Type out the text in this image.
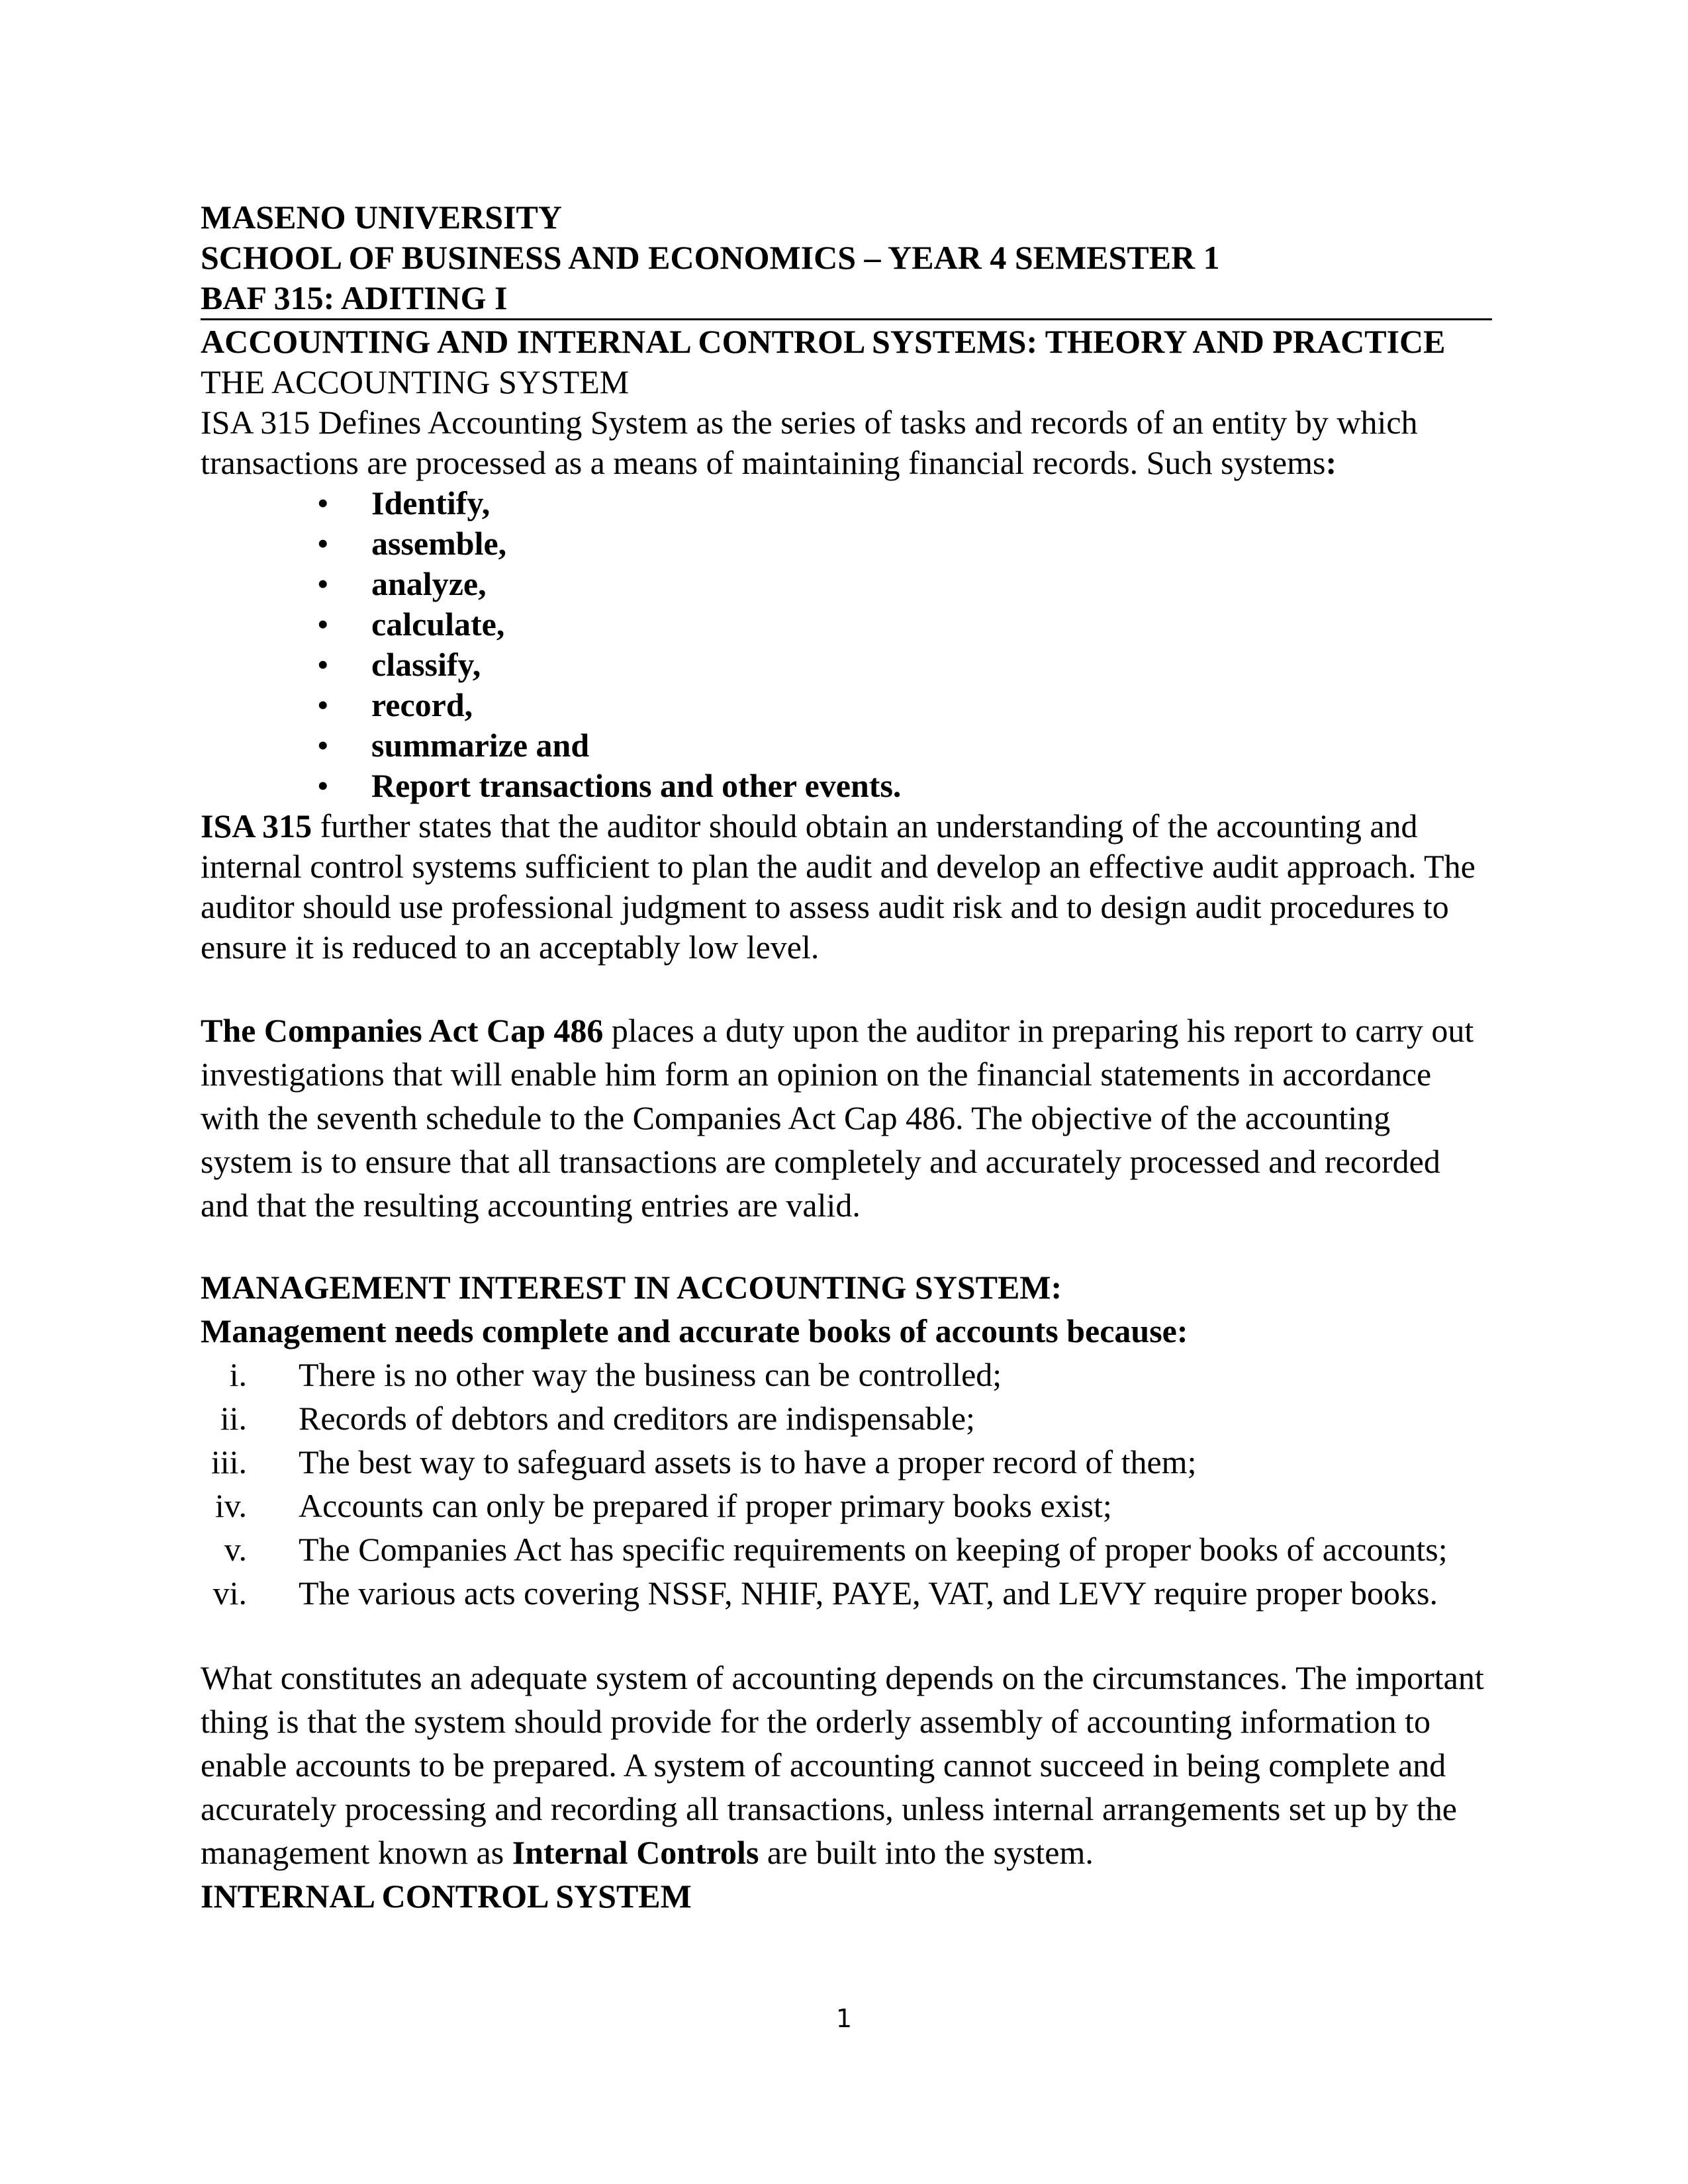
MASENO UNIVERSITY
SCHOOL OF BUSINESS AND ECONOMICS – YEAR 4 SEMESTER 1
BAF 315: ADITING I
ACCOUNTING AND INTERNAL CONTROL SYSTEMS: THEORY AND PRACTICE
THE ACCOUNTING SYSTEM
ISA 315 Defines Accounting System as the series of tasks and records of an entity by which
transactions are processed as a means of maintaining financial records. Such systems:
• Identify,
• assemble,
• analyze,
• calculate,
• classify,
• record,
• summarize and
• Report transactions and other events.
ISA 315 further states that the auditor should obtain an understanding of the accounting and
internal control systems sufficient to plan the audit and develop an effective audit approach. The
auditor should use professional judgment to assess audit risk and to design audit procedures to
ensure it is reduced to an acceptably low level.
The Companies Act Cap 486 places a duty upon the auditor in preparing his report to carry out
investigations that will enable him form an opinion on the financial statements in accordance
with the seventh schedule to the Companies Act Cap 486. The objective of the accounting
system is to ensure that all transactions are completely and accurately processed and recorded
and that the resulting accounting entries are valid.
MANAGEMENT INTEREST IN ACCOUNTING SYSTEM:
Management needs complete and accurate books of accounts because:
i. There is no other way the business can be controlled;
ii. Records of debtors and creditors are indispensable;
iii. The best way to safeguard assets is to have a proper record of them;
iv. Accounts can only be prepared if proper primary books exist;
v. The Companies Act has specific requirements on keeping of proper books of accounts;
vi. The various acts covering NSSF, NHIF, PAYE, VAT, and LEVY require proper books.
What constitutes an adequate system of accounting depends on the circumstances. The important
thing is that the system should provide for the orderly assembly of accounting information to
enable accounts to be prepared. A system of accounting cannot succeed in being complete and
accurately processing and recording all transactions, unless internal arrangements set up by the
management known as Internal Controls are built into the system.
INTERNAL CONTROL SYSTEM
1
